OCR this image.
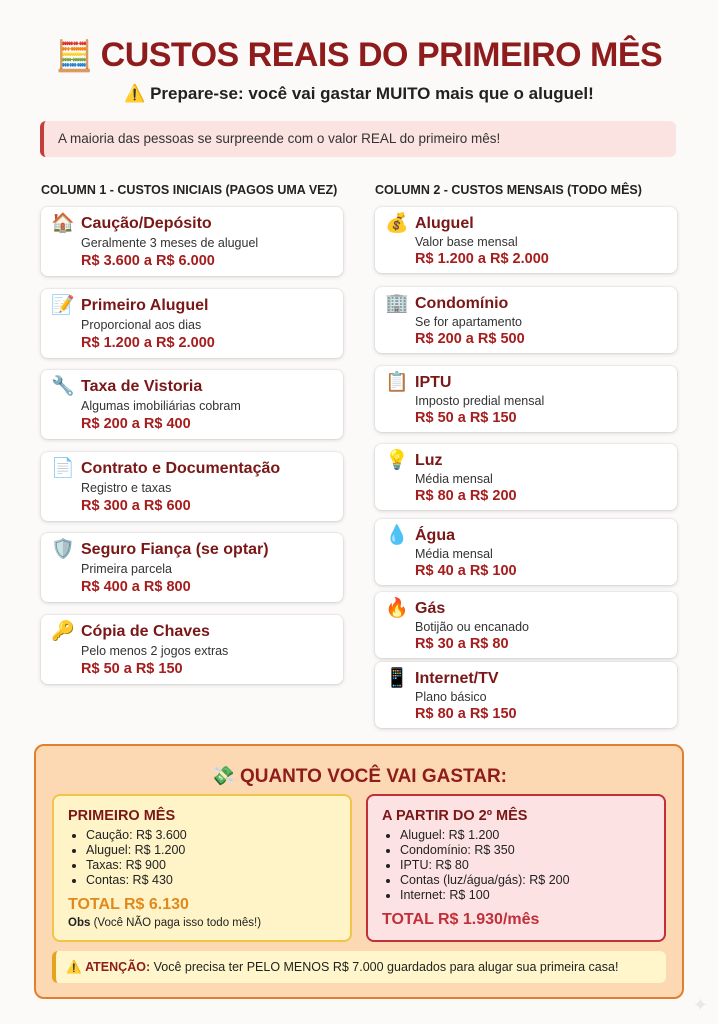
🧮 CUSTOS REAIS DO PRIMEIRO MÊS
⚠️ Prepare-se: você vai gastar MUITO mais que o aluguel!
A maioria das pessoas se surpreende com o valor REAL do primeiro mês!
COLUMN 1 - CUSTOS INICIAIS (PAGOS UMA VEZ)
🏠 Caução/Depósito
Geralmente 3 meses de aluguel
R$ 3.600 a R$ 6.000
📝 Primeiro Aluguel
Proporcional aos dias
R$ 1.200 a R$ 2.000
🔧 Taxa de Vistoria
Algumas imobiliárias cobram
R$ 200 a R$ 400
📄 Contrato e Documentação
Registro e taxas
R$ 300 a R$ 600
🛡️ Seguro Fiança (se optar)
Primeira parcela
R$ 400 a R$ 800
🔑 Cópia de Chaves
Pelo menos 2 jogos extras
R$ 50 a R$ 150
COLUMN 2 - CUSTOS MENSAIS (TODO MÊS)
💰 Aluguel
Valor base mensal
R$ 1.200 a R$ 2.000
🏢 Condomínio
Se for apartamento
R$ 200 a R$ 500
📋 IPTU
Imposto predial mensal
R$ 50 a R$ 150
💡 Luz
Média mensal
R$ 80 a R$ 200
💧 Água
Média mensal
R$ 40 a R$ 100
🔥 Gás
Botijão ou encanado
R$ 30 a R$ 80
📱 Internet/TV
Plano básico
R$ 80 a R$ 150
💸 QUANTO VOCÊ VAI GASTAR:
PRIMEIRO MÊS
• Caução: R$ 3.600
• Aluguel: R$ 1.200
• Taxas: R$ 900
• Contas: R$ 430
TOTAL R$ 6.130
Obs (Você NÃO paga isso todo mês!)
A PARTIR DO 2º MÊS
• Aluguel: R$ 1.200
• Condomínio: R$ 350
• IPTU: R$ 80
• Contas (luz/água/gás): R$ 200
• Internet: R$ 100
TOTAL R$ 1.930/mês
⚠️ ATENÇÃO: Você precisa ter PELO MENOS R$ 7.000 guardados para alugar sua primeira casa!
✦
